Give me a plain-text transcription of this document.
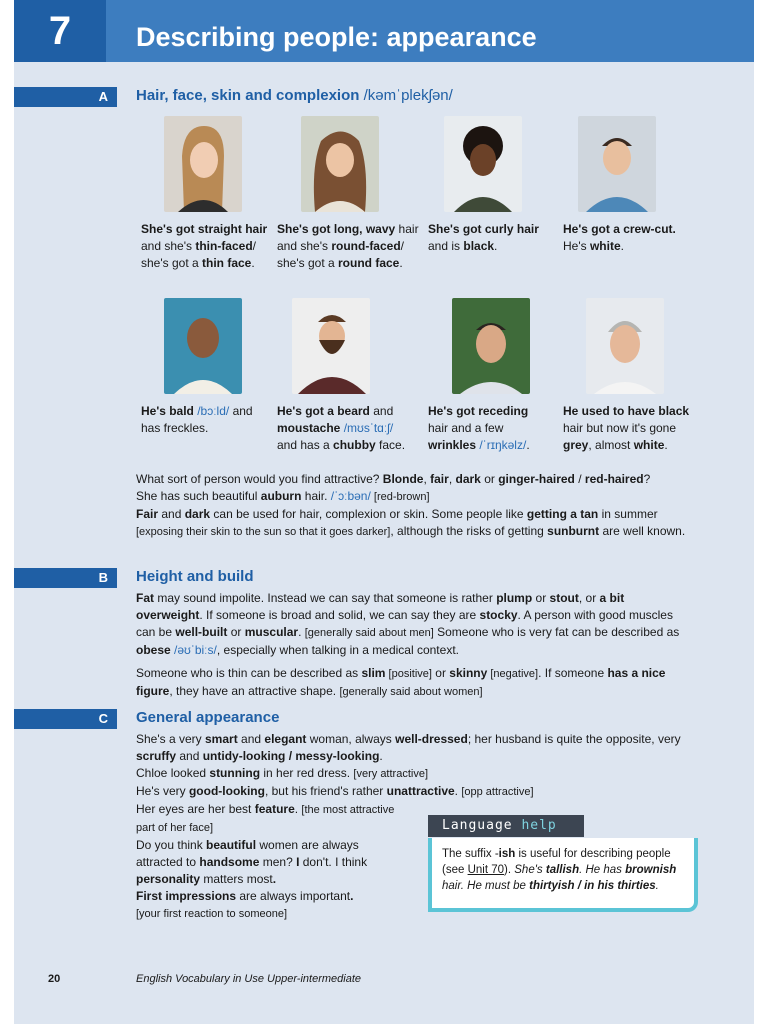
7	Describing people: appearance
A	Hair, face, skin and complexion /kəmˈplekʃən/
She's got straight hair
and she's thin-faced/
she's got a thin face.
She's got long, wavy hair
and she's round-faced/
she's got a round face.
She's got curly hair
and is black.
He's got a crew-cut.
He's white.
He's bald /bɔːld/ and
has freckles.
He's got a beard and
moustache /mʊsˈtɑːʃ/
and has a chubby face.
He's got receding
hair and a few
wrinkles /ˈrɪŋkəlz/.
He used to have black
hair but now it's gone
grey, almost white.
What sort of person would you find attractive? Blonde, fair, dark or ginger-haired / red-haired?
She has such beautiful auburn hair. /ˈɔːbən/ [red-brown]
Fair and dark can be used for hair, complexion or skin. Some people like getting a tan in summer
[exposing their skin to the sun so that it goes darker], although the risks of getting sunburnt are well known.
B	Height and build
Fat may sound impolite. Instead we can say that someone is rather plump or stout, or a bit overweight. If someone is broad and solid, we can say they are stocky. A person with good muscles can be well-built or muscular. [generally said about men] Someone who is very fat can be described as obese /əʊˈbiːs/, especially when talking in a medical context.
Someone who is thin can be described as slim [positive] or skinny [negative]. If someone has a nice figure, they have an attractive shape. [generally said about women]
C	General appearance
She's a very smart and elegant woman, always well-dressed; her husband is quite the opposite, very scruffy and untidy-looking / messy-looking.
Chloe looked stunning in her red dress. [very attractive]
He's very good-looking, but his friend's rather unattractive. [opp attractive]
Her eyes are her best feature. [the most attractive
part of her face]
Do you think beautiful women are always
attracted to handsome men? I don't. I think
personality matters most.
First impressions are always important.
[your first reaction to someone]
Language help
The suffix -ish is useful for describing people
(see Unit 70). She's tallish. He has brownish
hair. He must be thirtyish / in his thirties.
20	English Vocabulary in Use Upper-intermediate
